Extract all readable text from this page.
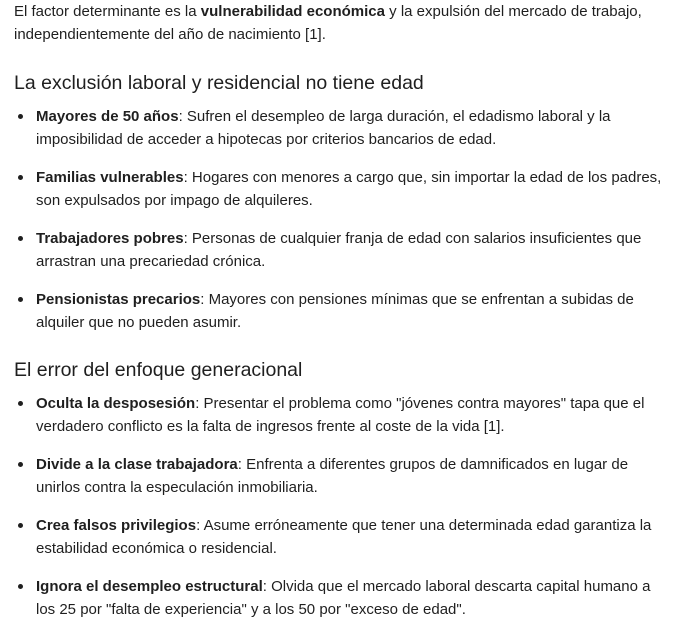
El factor determinante es la vulnerabilidad económica y la expulsión del mercado de trabajo, independientemente del año de nacimiento [1].

La exclusión laboral y residencial no tiene edad
Mayores de 50 años: Sufren el desempleo de larga duración, el edadismo laboral y la imposibilidad de acceder a hipotecas por criterios bancarios de edad.
Familias vulnerables: Hogares con menores a cargo que, sin importar la edad de los padres, son expulsados por impago de alquileres.
Trabajadores pobres: Personas de cualquier franja de edad con salarios insuficientes que arrastran una precariedad crónica.
Pensionistas precarios: Mayores con pensiones mínimas que se enfrentan a subidas de alquiler que no pueden asumir.
El error del enfoque generacional
Oculta la desposesión: Presentar el problema como "jóvenes contra mayores" tapa que el verdadero conflicto es la falta de ingresos frente al coste de la vida [1].
Divide a la clase trabajadora: Enfrenta a diferentes grupos de damnificados en lugar de unirlos contra la especulación inmobiliaria.
Crea falsos privilegios: Asume erróneamente que tener una determinada edad garantiza la estabilidad económica o residencial.
Ignora el desempleo estructural: Olvida que el mercado laboral descarta capital humano a los 25 por "falta de experiencia" y a los 50 por "exceso de edad".
